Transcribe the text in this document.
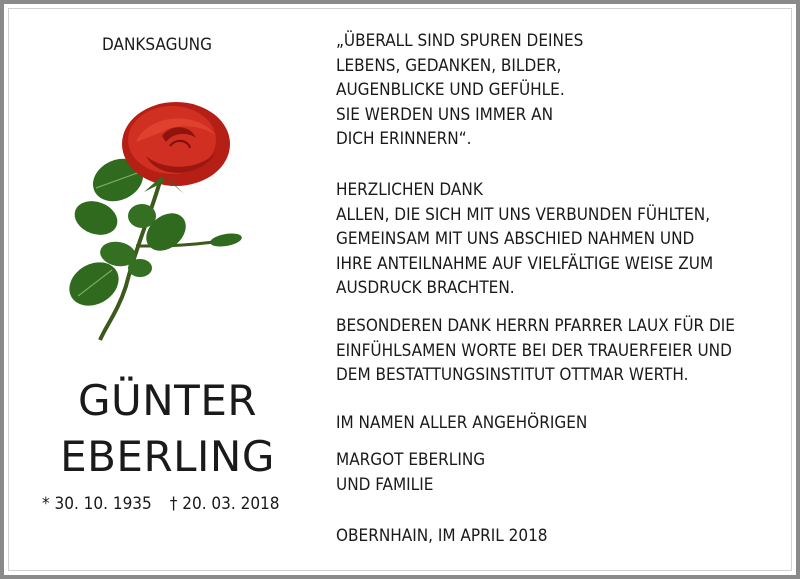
DANKSAGUNG
GÜNTER
EBERLING
* 30. 10. 1935 † 20. 03. 2018
„ÜBERALL SIND SPUREN DEINES
LEBENS, GEDANKEN, BILDER,
AUGENBLICKE UND GEFÜHLE.
SIE WERDEN UNS IMMER AN
DICH ERINNERN“.
HERZLICHEN DANK
ALLEN, DIE SICH MIT UNS VERBUNDEN FÜHLTEN,
GEMEINSAM MIT UNS ABSCHIED NAHMEN UND
IHRE ANTEILNAHME AUF VIELFÄLTIGE WEISE ZUM
AUSDRUCK BRACHTEN.
BESONDEREN DANK HERRN PFARRER LAUX FÜR DIE
EINFÜHLSAMEN WORTE BEI DER TRAUERFEIER UND
DEM BESTATTUNGSINSTITUT OTTMAR WERTH.
IM NAMEN ALLER ANGEHÖRIGEN
MARGOT EBERLING
UND FAMILIE
OBERNHAIN, IM APRIL 2018
